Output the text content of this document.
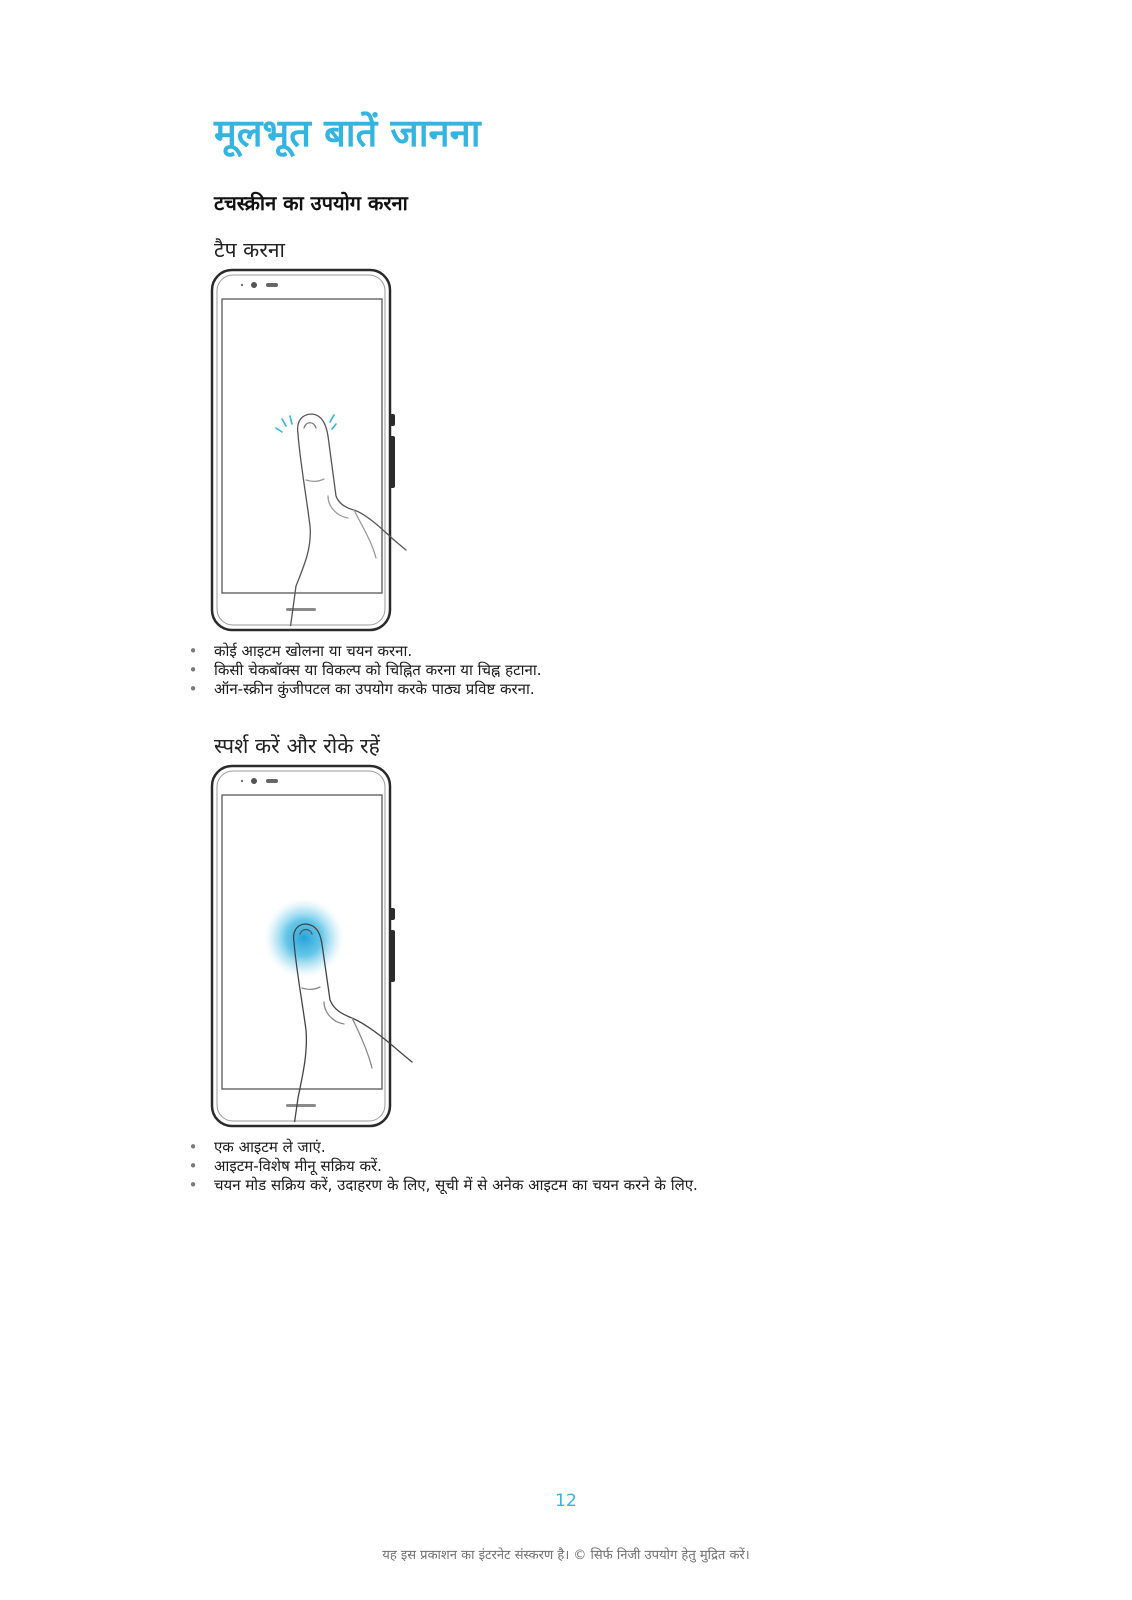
मूलभूत बातें जानना
टचस्क्रीन का उपयोग करना
टैप करना
• कोई आइटम खोलना या चयन करना.
• किसी चेकबॉक्स या विकल्प को चिह्नित करना या चिह्न हटाना.
• ऑन-स्क्रीन कुंजीपटल का उपयोग करके पाठ्य प्रविष्ट करना.
स्पर्श करें और रोके रहें
• एक आइटम ले जाएं.
• आइटम-विशेष मीनू सक्रिय करें.
• चयन मोड सक्रिय करें, उदाहरण के लिए, सूची में से अनेक आइटम का चयन करने के लिए.
12
यह इस प्रकाशन का इंटरनेट संस्करण है। © सिर्फ निजी उपयोग हेतु मुद्रित करें।
